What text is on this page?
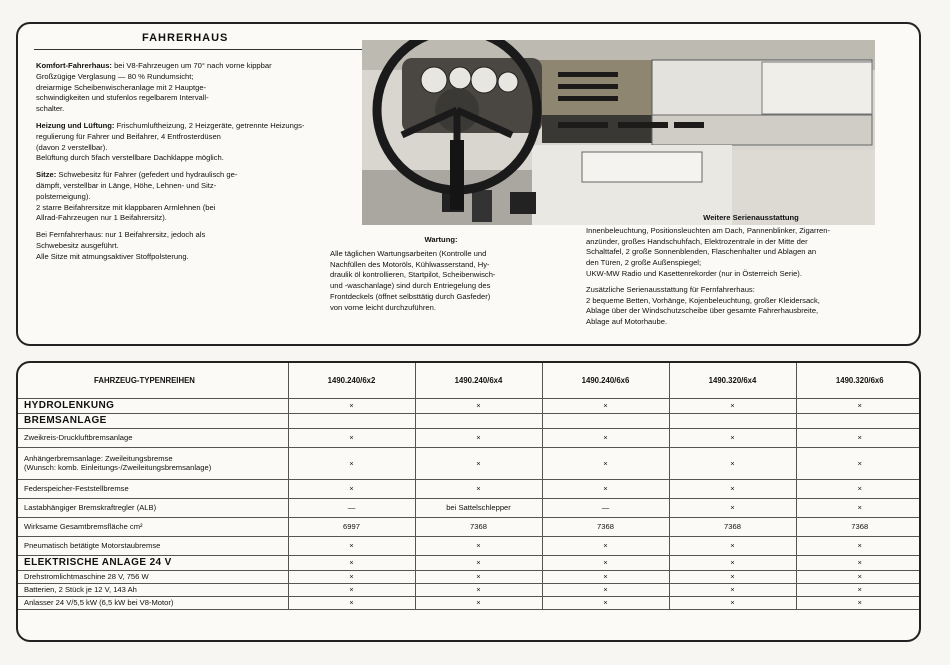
FAHRERHAUS
Komfort-Fahrerhaus: bei V8-Fahrzeugen um 70° nach vorne kippbar
Großzügige Verglasung — 80 % Rundumsicht;
dreiarmige Scheibenwischeranlage mit 2 Hauptge-
schwindigkeiten und stufenlos regelbarem Intervall-
schalter.
Heizung und Lüftung: Frischumluftheizung, 2 Heizgeräte, getrennte Heizungs-
regulierung für Fahrer und Beifahrer, 4 Entfrosterdüsen
(davon 2 verstellbar).
Belüftung durch 5fach verstellbare Dachklappe möglich.
Sitze: Schwebesitz für Fahrer (gefedert und hydraulisch ge-
dämpft, verstellbar in Länge, Höhe, Lehnen- und Sitz-
polsterneigung).
2 starre Beifahrersitze mit klappbaren Armlehnen (bei
Allrad-Fahrzeugen nur 1 Beifahrersitz).
Bei Fernfahrerhaus: nur 1 Beifahrersitz, jedoch als
Schwebesitz ausgeführt.
Alle Sitze mit atmungsaktiver Stoffpolsterung.
Wartung:
Alle täglichen Wartungsarbeiten (Kontrolle und
Nachfüllen des Motoröls, Kühlwasserstand, Hy-
draulik öl kontrollieren, Startpilot, Scheibenwisch-
und -waschanlage) sind durch Entriegelung des
Frontdeckels (öffnet selbsttätig durch Gasfeder)
von vorne leicht durchzuführen.
Weitere Serienausstattung
Innenbeleuchtung, Positionsleuchten am Dach, Pannenblinker, Zigarren-
anzünder, großes Handschuhfach, Elektrozentrale in der Mitte der
Schalttafel, 2 große Sonnenblenden, Flaschenhalter und Ablagen an
den Türen, 2 große Außenspiegel;
UKW-MW Radio und Kasettenrekorder (nur in Österreich Serie).
Zusätzliche Serienausstattung für Fernfahrerhaus:
2 bequeme Betten, Vorhänge, Kojenbeleuchtung, großer Kleidersack,
Ablage über der Windschutzscheibe über gesamte Fahrerhausbreite,
Ablage auf Motorhaube.
FAHRZEUG-TYPENREIHEN	1490.240/6x2	1490.240/6x4	1490.240/6x6	1490.320/6x4	1490.320/6x6

HYDROLENKUNG	×	×	×	×	×

BREMSANLAGE					

Zweikreis-Druckluftbremsanlage	×	×	×	×	×

Anhängerbremsanlage: Zweileitungsbremse
(Wunsch: komb. Einleitungs-/Zweileitungsbremsanlage)	×	×	×	×	×

Federspeicher-Feststellbremse	×	×	×	×	×

Lastabhängiger Bremskraftregler (ALB)	—	bei Sattelschlepper	—	×	×

Wirksame Gesamtbremsfläche cm²	6997	7368	7368	7368	7368

Pneumatisch betätigte Motorstaubremse	×	×	×	×	×

ELEKTRISCHE ANLAGE 24 V	×	×	×	×	×

Drehstromlichtmaschine 28 V, 756 W	×	×	×	×	×

Batterien, 2 Stück je 12 V, 143 Ah	×	×	×	×	×

Anlasser 24 V/5,5 kW (6,5 kW bei V8-Motor)	×	×	×	×	×
